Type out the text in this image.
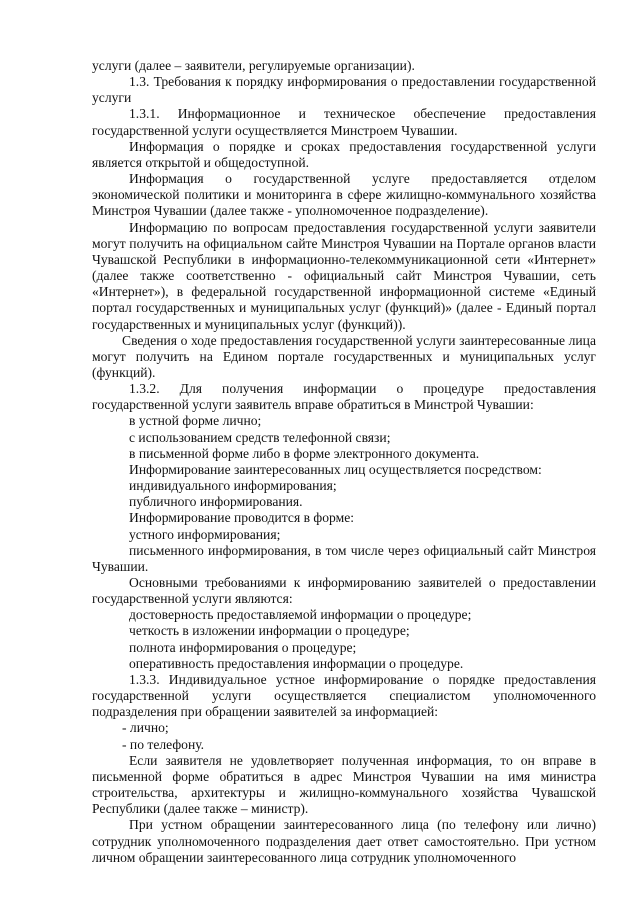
услуги (далее – заявители, регулируемые организации).

1.3. Требования к порядку информирования о предоставлении государственной услуги

1.3.1. Информационное и техническое обеспечение предоставления государственной услуги осуществляется Минстроем Чувашии.

Информация о порядке и сроках предоставления государственной услуги является открытой и общедоступной.

Информация о государственной услуге предоставляется отделом экономической политики и мониторинга в сфере жилищно-коммунального хозяйства Минстроя Чувашии (далее также - уполномоченное подразделение).

Информацию по вопросам предоставления государственной услуги заявители могут получить на официальном сайте Минстроя Чувашии на Портале органов власти Чувашской Республики в информационно-телекоммуникационной сети «Интернет» (далее также соответственно - официальный сайт Минстроя Чувашии, сеть «Интернет»), в федеральной государственной информационной системе «Единый портал государственных и муниципальных услуг (функций)» (далее - Единый портал государственных и муниципальных услуг (функций)).

Сведения о ходе предоставления государственной услуги заинтересованные лица могут получить на Едином портале государственных и муниципальных услуг (функций).

1.3.2. Для получения информации о процедуре предоставления государственной услуги заявитель вправе обратиться в Минстрой Чувашии:

в устной форме лично;

с использованием средств телефонной связи;

в письменной форме либо в форме электронного документа.

Информирование заинтересованных лиц осуществляется посредством:

индивидуального информирования;

публичного информирования.

Информирование проводится в форме:

устного информирования;

письменного информирования, в том числе через официальный сайт Минстроя Чувашии.

Основными требованиями к информированию заявителей о предоставлении государственной услуги являются:

достоверность предоставляемой информации о процедуре;

четкость в изложении информации о процедуре;

полнота информирования о процедуре;

оперативность предоставления информации о процедуре.

1.3.3. Индивидуальное устное информирование о порядке предоставления государственной услуги осуществляется специалистом уполномоченного подразделения при обращении заявителей за информацией:

- лично;

- по телефону.

Если заявителя не удовлетворяет полученная информация, то он вправе в письменной форме обратиться в адрес Минстроя Чувашии на имя министра строительства, архитектуры и жилищно-коммунального хозяйства Чувашской Республики (далее также – министр).

При устном обращении заинтересованного лица (по телефону или лично) сотрудник уполномоченного подразделения дает ответ самостоятельно. При устном личном обращении заинтересованного лица сотрудник уполномоченного
